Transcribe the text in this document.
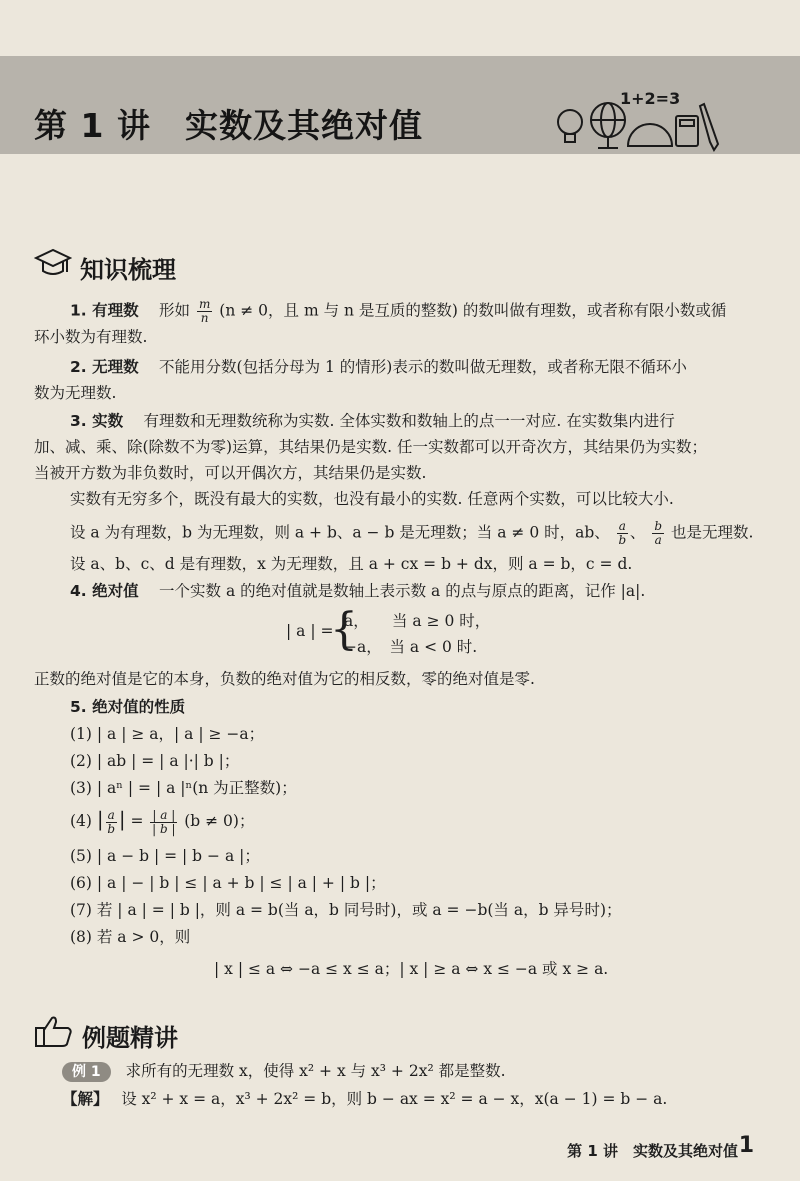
第 1 讲　实数及其绝对值
1+2=3
知识梳理
1. 有理数　 形如 $\frac{m}{n} (n \ne 0$，且 m 与 n 是互质的整数) 的数叫做有理数，或者称有限小数或循
环小数为有理数.
2. 无理数　 不能用分数(包括分母为 1 的情形)表示的数叫做无理数，或者称无限不循环小
数为无理数.
3. 实数　 有理数和无理数统称为实数. 全体实数和数轴上的点一一对应. 在实数集内进行
加、减、乘、除(除数不为零)运算，其结果仍是实数. 任一实数都可以开奇次方，其结果仍为实数；
当被开方数为非负数时，可以开偶次方，其结果仍是实数.
实数有无穷多个，既没有最大的实数，也没有最小的实数. 任意两个实数，可以比较大小.
设 a 为有理数，b 为无理数，则 a + b、a − b 是无理数；当 a ≠ 0 时，ab、 $\frac{a}{b}$ 、 $\frac{b}{a}$ 也是无理数.
设 a、b、c、d 是有理数，x 为无理数，且 a + cx = b + dx，则 a = b，c = d.
4. 绝对值　 一个实数 a 的绝对值就是数轴上表示数 a 的点与原点的距离，记作 |a|.
| a | =
{
a，　　当 a ≥ 0 时，
−a，　当 a < 0 时.
正数的绝对值是它的本身，负数的绝对值为它的相反数，零的绝对值是零.
5. 绝对值的性质
(1) | a | ≥ a，| a | ≥ −a；
(2) | ab | = | a |·| b |；
(3) | aⁿ | = | a |ⁿ(n 为正整数)；
(4) | $\frac{a}{b}$ | = $\frac{| a |}{| b |} (b \ne 0)$；
(5) | a − b | = | b − a |；
(6) | a | − | b | ≤ | a + b | ≤ | a | + | b |；
(7) 若 | a | = | b |，则 a = b(当 a，b 同号时)，或 a = −b(当 a，b 异号时)；
(8) 若 a > 0，则
| x | ≤ a ⇔ −a ≤ x ≤ a；| x | ≥ a ⇔ x ≤ −a 或 x ≥ a.
例题精讲
例 1 求所有的无理数 x，使得 x² + x 与 x³ + 2x² 都是整数.
【解】　 设 x² + x = a，x³ + 2x² = b，则 b − ax = x² = a − x，x(a − 1) = b − a.
第 1 讲　实数及其绝对值 1
